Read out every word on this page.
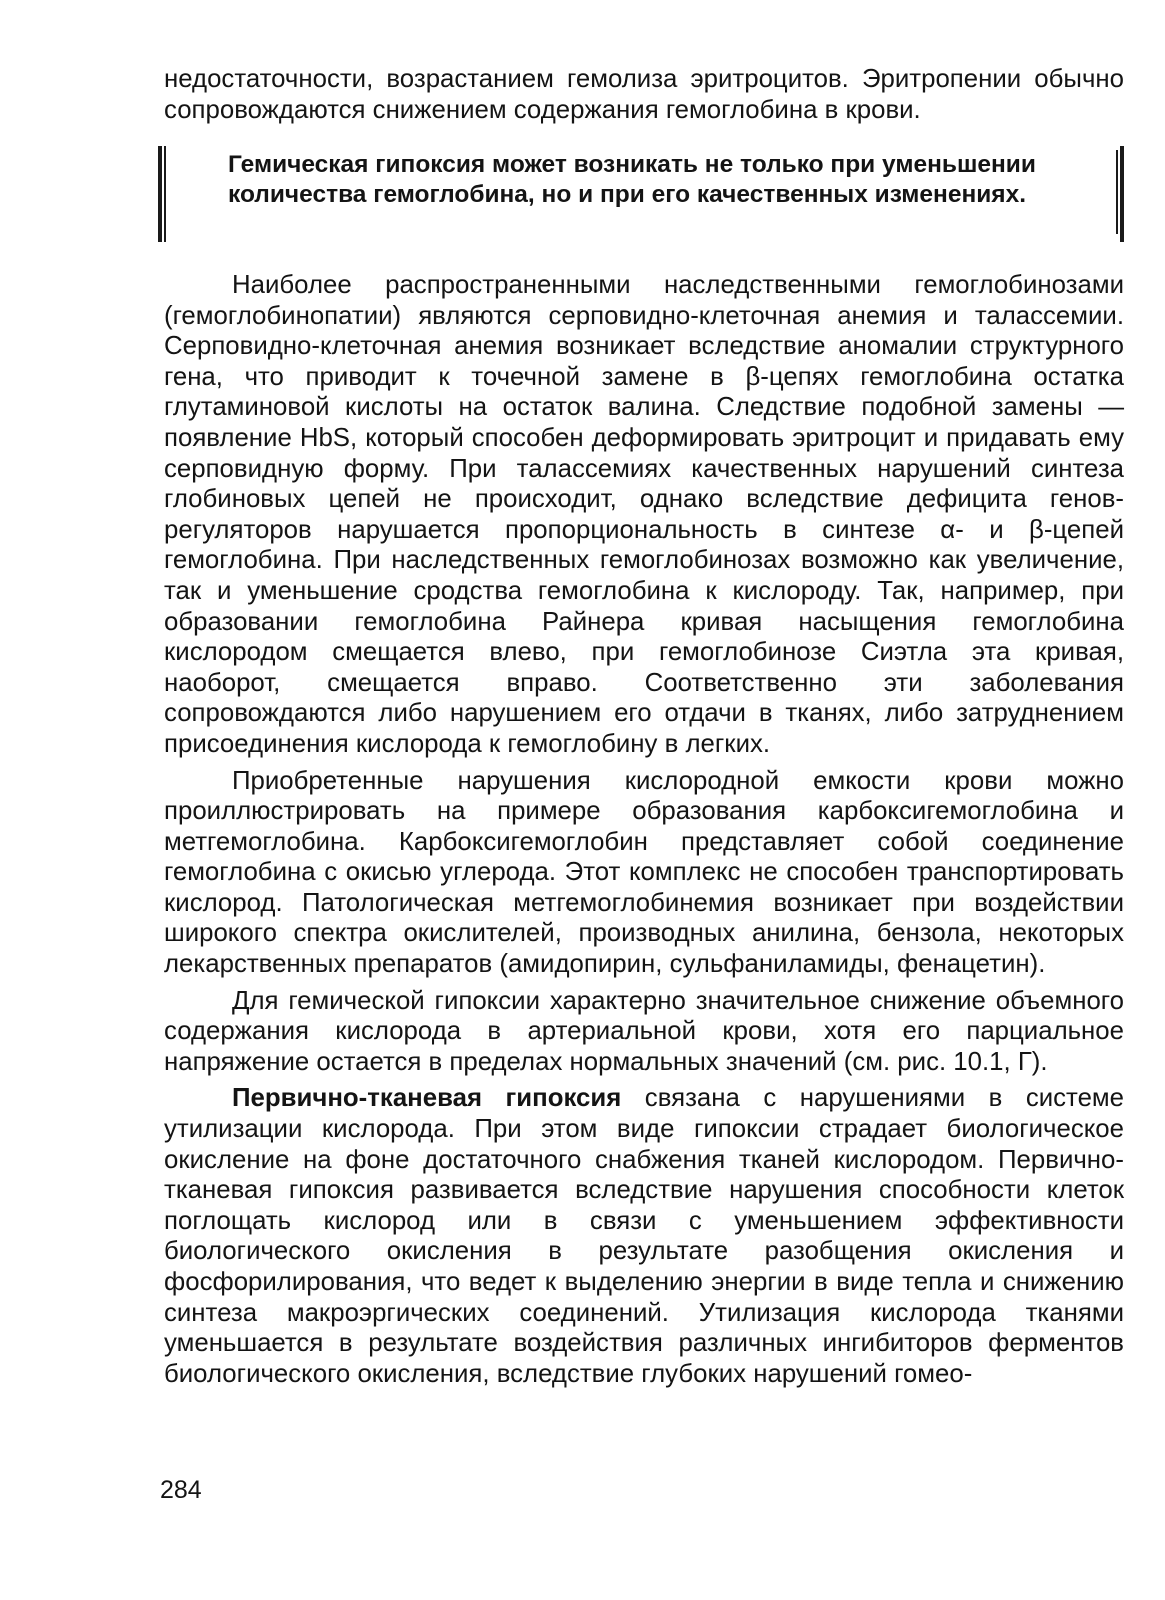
недостаточности, возрастанием гемолиза эритроцитов. Эритропении обычно сопровождаются снижением содержания гемоглобина в крови.

Гемическая гипоксия может возникать не только при уменьшении количества гемоглобина, но и при его качественных изменениях.

Наиболее распространенными наследственными гемоглобинозами (гемоглобинопатии) являются серповидно-клеточная анемия и талассемии. Серповидно-клеточная анемия возникает вследствие аномалии структурного гена, что приводит к точечной замене в β-цепях гемоглобина остатка глутаминовой кислоты на остаток валина. Следствие подобной замены — появление HbS, который способен деформировать эритроцит и придавать ему серповидную форму. При талассемиях качественных нарушений синтеза глобиновых цепей не происходит, однако вследствие дефицита генов-регуляторов нарушается пропорциональность в синтезе α- и β-цепей гемоглобина. При наследственных гемоглобинозах возможно как увеличение, так и уменьшение сродства гемоглобина к кислороду. Так, например, при образовании гемоглобина Райнера кривая насыщения гемоглобина кислородом смещается влево, при гемоглобинозе Сиэтла эта кривая, наоборот, смещается вправо. Соответственно эти заболевания сопровождаются либо нарушением его отдачи в тканях, либо затруднением присоединения кислорода к гемоглобину в легких.

Приобретенные нарушения кислородной емкости крови можно проиллюстрировать на примере образования карбоксигемоглобина и метгемоглобина. Карбоксигемоглобин представляет собой соединение гемоглобина с окисью углерода. Этот комплекс не способен транспортировать кислород. Патологическая метгемоглобинемия возникает при воздействии широкого спектра окислителей, производных анилина, бензола, некоторых лекарственных препаратов (амидопирин, сульфаниламиды, фенацетин).

Для гемической гипоксии характерно значительное снижение объемного содержания кислорода в артериальной крови, хотя его парциальное напряжение остается в пределах нормальных значений (см. рис. 10.1, Г).

Первично-тканевая гипоксия связана с нарушениями в системе утилизации кислорода. При этом виде гипоксии страдает биологическое окисление на фоне достаточного снабжения тканей кислородом. Первично-тканевая гипоксия развивается вследствие нарушения способности клеток поглощать кислород или в связи с уменьшением эффективности биологического окисления в результате разобщения окисления и фосфорилирования, что ведет к выделению энергии в виде тепла и снижению синтеза макроэргических соединений. Утилизация кислорода тканями уменьшается в результате воздействия различных ингибиторов ферментов биологического окисления, вследствие глубоких нарушений гомео-

284
